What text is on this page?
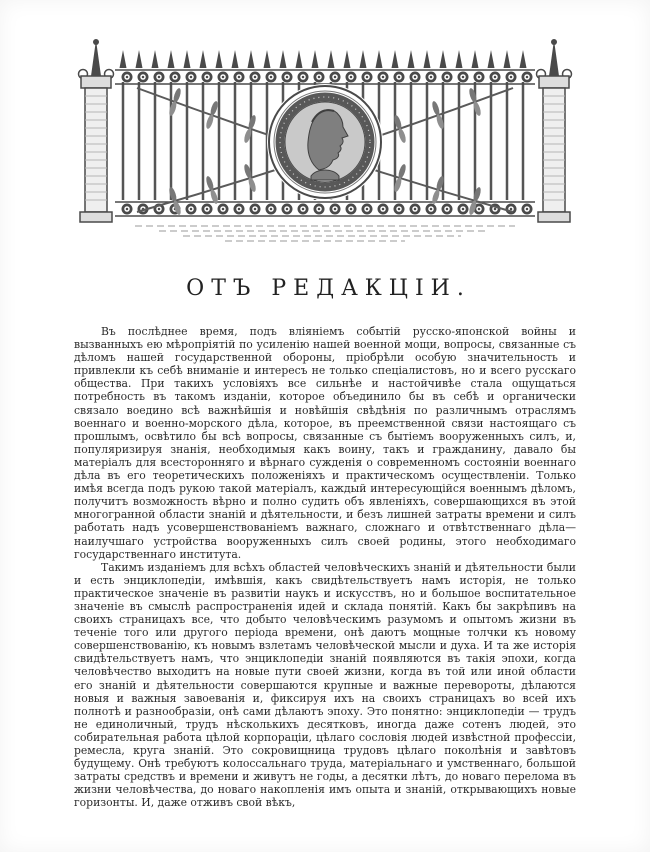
ОТЪ РЕДАКЦІИ.

Въ послѣднее время, подъ вліяніемъ событій русско-японской войны и вызванныхъ ею мѣропріятій по усиленію нашей военной мощи, вопросы, связанные съ дѣломъ нашей государственной обороны, пріобрѣли особую значительность и привлекли къ себѣ вниманіе и интересъ не только спеціалистовъ, но и всего русскаго общества. При такихъ условіяхъ все сильнѣе и настойчивѣе стала ощущаться потребность въ такомъ изданіи, которое объединило бы въ себѣ и органически связало воедино всѣ важнѣйшія и новѣйшія свѣдѣнія по различнымъ отраслямъ военнаго и военно-морского дѣла, которое, въ преемственной связи настоящаго съ прошлымъ, освѣтило бы всѣ вопросы, связанные съ бытіемъ вооруженныхъ силъ, и, популяризируя знанія, необходимыя какъ воину, такъ и гражданину, давало бы матеріалъ для всесторонняго и вѣрнаго сужденія о современномъ состояніи военнаго дѣла въ его теоретическихъ положеніяхъ и практическомъ осуществленіи. Только имѣя всегда подъ рукою такой матеріалъ, каждый интересующійся военнымъ дѣломъ, получитъ возможность вѣрно и полно судить объ явленіяхъ, совершающихся въ этой многогранной области знаній и дѣятельности, и безъ лишней затраты времени и силъ работать надъ усовершенствованіемъ важнаго, сложнаго и отвѣтственнаго дѣла—наилучшаго устройства вооруженныхъ силъ своей родины, этого необходимаго государственнаго института.

Такимъ изданіемъ для всѣхъ областей человѣческихъ знаній и дѣятельности были и есть энциклопедіи, имѣвшія, какъ свидѣтельствуетъ намъ исторія, не только практическое значеніе въ развитіи наукъ и искусствъ, но и большое воспитательное значеніе въ смыслѣ распространенія идей и склада понятій. Какъ бы закрѣпивъ на своихъ страницахъ все, что добыто человѣческимъ разумомъ и опытомъ жизни въ теченіе того или другого періода времени, онѣ даютъ мощные толчки къ новому совершенствованію, къ новымъ взлетамъ человѣческой мысли и духа. И та же исторія свидѣтельствуетъ намъ, что энциклопедіи знаній появляются въ такія эпохи, когда человѣчество выходитъ на новые пути своей жизни, когда въ той или иной области его знаній и дѣятельности совершаются крупные и важные перевороты, дѣлаются новыя и важныя завоеванія и, фиксируя ихъ на своихъ страницахъ во всей ихъ полнотѣ и разнообразіи, онѣ сами дѣлаютъ эпоху. Это понятно: энциклопедіи — трудъ не единоличный, трудъ нѣсколькихъ десятковъ, иногда даже сотенъ людей, это собирательная работа цѣлой корпораціи, цѣлаго сословія людей извѣстной профессіи, ремесла, круга знаній. Это сокровищница трудовъ цѣлаго поколѣнія и завѣтовъ будущему. Онѣ требуютъ колоссальнаго труда, матеріальнаго и умственнаго, большой затраты средствъ и времени и живутъ не годы, а десятки лѣтъ, до новаго перелома въ жизни человѣчества, до новаго накопленія имъ опыта и знаній, открывающихъ новые горизонты. И, даже отживъ свой вѣкъ,
